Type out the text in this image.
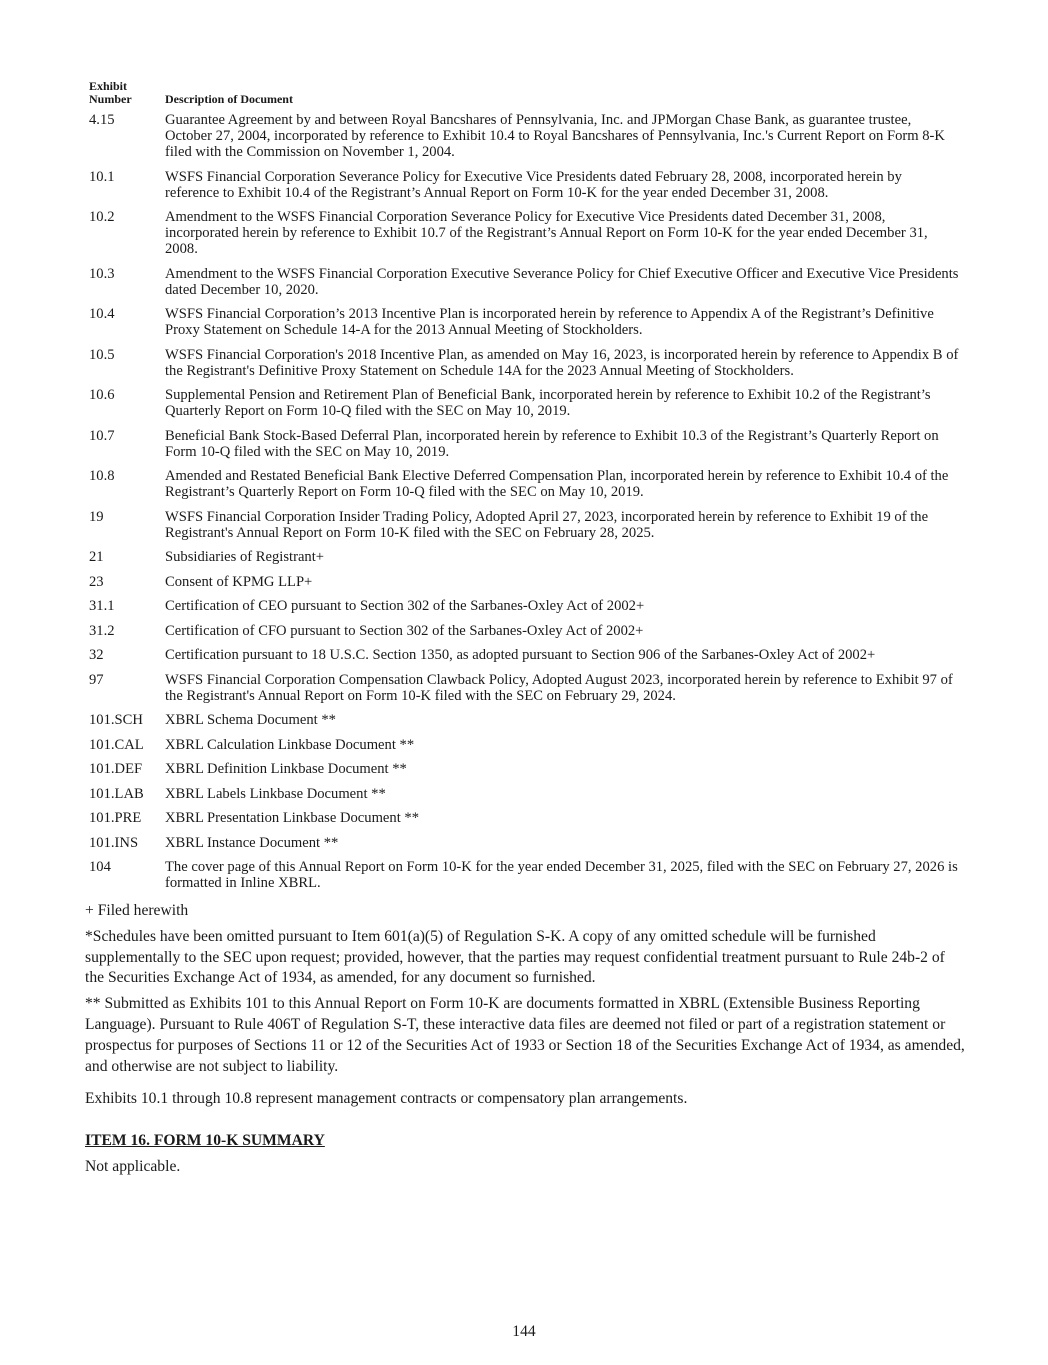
Exhibit
Number	Description of Document
4.15	Guarantee Agreement by and between Royal Bancshares of Pennsylvania, Inc. and JPMorgan Chase Bank, as guarantee trustee, October 27, 2004, incorporated by reference to Exhibit 10.4 to Royal Bancshares of Pennsylvania, Inc.'s Current Report on Form 8-K filed with the Commission on November 1, 2004.
10.1	WSFS Financial Corporation Severance Policy for Executive Vice Presidents dated February 28, 2008, incorporated herein by reference to Exhibit 10.4 of the Registrant’s Annual Report on Form 10-K for the year ended December 31, 2008.
10.2	Amendment to the WSFS Financial Corporation Severance Policy for Executive Vice Presidents dated December 31, 2008, incorporated herein by reference to Exhibit 10.7 of the Registrant’s Annual Report on Form 10-K for the year ended December 31, 2008.
10.3	Amendment to the WSFS Financial Corporation Executive Severance Policy for Chief Executive Officer and Executive Vice Presidents dated December 10, 2020.
10.4	WSFS Financial Corporation’s 2013 Incentive Plan is incorporated herein by reference to Appendix A of the Registrant’s Definitive Proxy Statement on Schedule 14-A for the 2013 Annual Meeting of Stockholders.
10.5	WSFS Financial Corporation's 2018 Incentive Plan, as amended on May 16, 2023, is incorporated herein by reference to Appendix B of the Registrant's Definitive Proxy Statement on Schedule 14A for the 2023 Annual Meeting of Stockholders.
10.6	Supplemental Pension and Retirement Plan of Beneficial Bank, incorporated herein by reference to Exhibit 10.2 of the Registrant’s Quarterly Report on Form 10-Q filed with the SEC on May 10, 2019.
10.7	Beneficial Bank Stock-Based Deferral Plan, incorporated herein by reference to Exhibit 10.3 of the Registrant’s Quarterly Report on Form 10-Q filed with the SEC on May 10, 2019.
10.8	Amended and Restated Beneficial Bank Elective Deferred Compensation Plan, incorporated herein by reference to Exhibit 10.4 of the Registrant’s Quarterly Report on Form 10-Q filed with the SEC on May 10, 2019.
19	WSFS Financial Corporation Insider Trading Policy, Adopted April 27, 2023, incorporated herein by reference to Exhibit 19 of the Registrant's Annual Report on Form 10-K filed with the SEC on February 28, 2025.
21	Subsidiaries of Registrant+
23	Consent of KPMG LLP+
31.1	Certification of CEO pursuant to Section 302 of the Sarbanes-Oxley Act of 2002+
31.2	Certification of CFO pursuant to Section 302 of the Sarbanes-Oxley Act of 2002+
32	Certification pursuant to 18 U.S.C. Section 1350, as adopted pursuant to Section 906 of the Sarbanes-Oxley Act of 2002+
97	WSFS Financial Corporation Compensation Clawback Policy, Adopted August 2023, incorporated herein by reference to Exhibit 97 of the Registrant's Annual Report on Form 10-K filed with the SEC on February 29, 2024.
101.SCH	XBRL Schema Document **
101.CAL	XBRL Calculation Linkbase Document **
101.DEF	XBRL Definition Linkbase Document **
101.LAB	XBRL Labels Linkbase Document **
101.PRE	XBRL Presentation Linkbase Document **
101.INS	XBRL Instance Document **
104	The cover page of this Annual Report on Form 10-K for the year ended December 31, 2025, filed with the SEC on February 27, 2026 is formatted in Inline XBRL.

+ Filed herewith

*Schedules have been omitted pursuant to Item 601(a)(5) of Regulation S-K. A copy of any omitted schedule will be furnished supplementally to the SEC upon request; provided, however, that the parties may request confidential treatment pursuant to Rule 24b-2 of the Securities Exchange Act of 1934, as amended, for any document so furnished.

** Submitted as Exhibits 101 to this Annual Report on Form 10-K are documents formatted in XBRL (Extensible Business Reporting Language). Pursuant to Rule 406T of Regulation S-T, these interactive data files are deemed not filed or part of a registration statement or prospectus for purposes of Sections 11 or 12 of the Securities Act of 1933 or Section 18 of the Securities Exchange Act of 1934, as amended, and otherwise are not subject to liability.

Exhibits 10.1 through 10.8 represent management contracts or compensatory plan arrangements.

ITEM 16. FORM 10-K SUMMARY

Not applicable.

144
